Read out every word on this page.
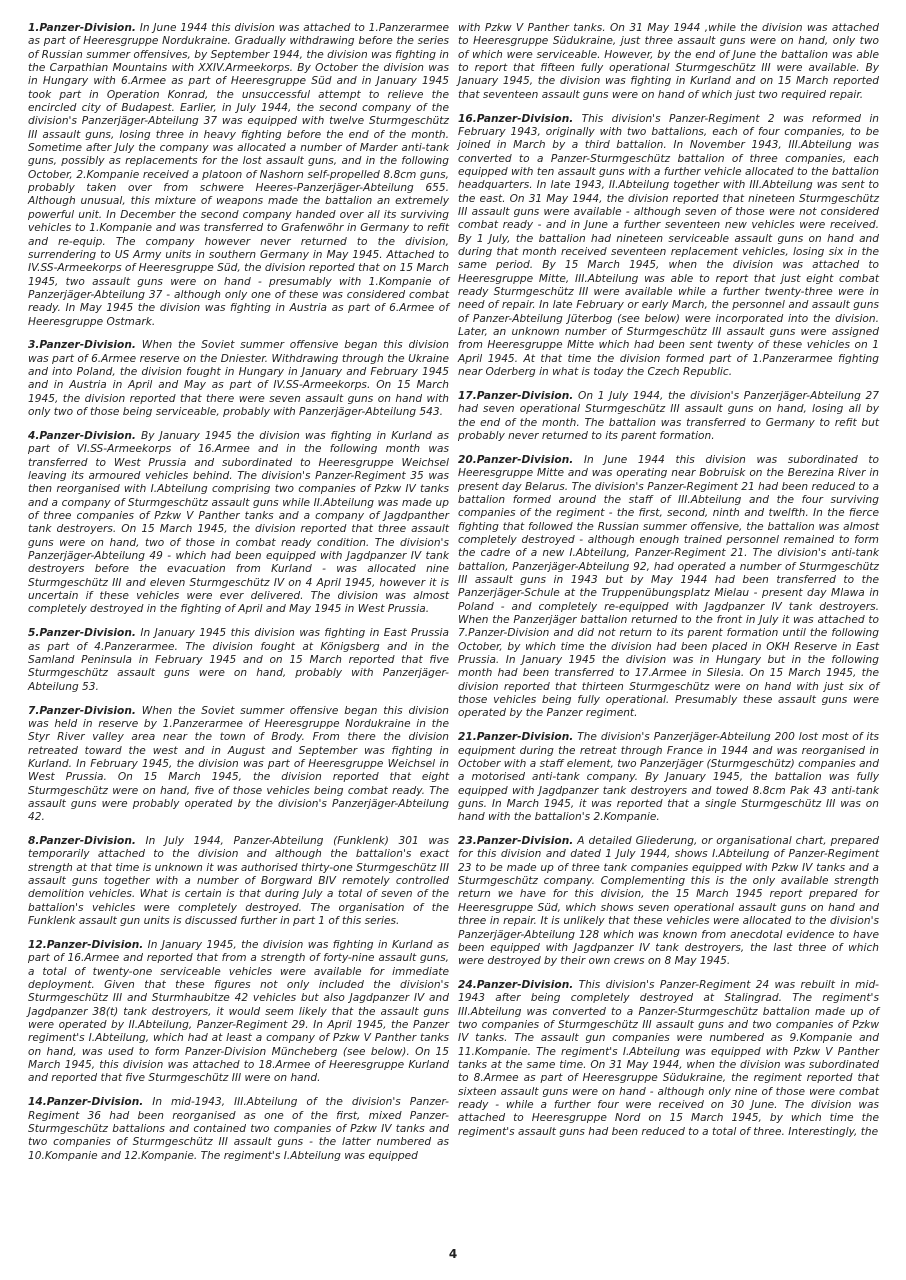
1.Panzer-Division. In June 1944 this division was attached to 1.Panzerarmee as part of Heeresgruppe Nordukraine. Gradually withdrawing before the series of Russian summer offensives, by September 1944, the division was fighting in the Carpathian Mountains with XXIV.Armeekorps. By October the division was in Hungary with 6.Armee as part of Heeresgruppe Süd and in January 1945 took part in Operation Konrad, the unsuccessful attempt to relieve the encircled city of Budapest. Earlier, in July 1944, the second company of the division's Panzerjäger-Abteilung 37 was equipped with twelve Sturmgeschütz III assault guns, losing three in heavy fighting before the end of the month. Sometime after July the company was allocated a number of Marder anti-tank guns, possibly as replacements for the lost assault guns, and in the following October, 2.Kompanie received a platoon of Nashorn self-propelled 8.8cm guns, probably taken over from schwere Heeres-Panzerjäger-Abteilung 655. Although unusual, this mixture of weapons made the battalion an extremely powerful unit. In December the second company handed over all its surviving vehicles to 1.Kompanie and was transferred to Grafenwöhr in Germany to refit and re-equip. The company however never returned to the division, surrendering to US Army units in southern Germany in May 1945. Attached to IV.SS-Armeekorps of Heeresgruppe Süd, the division reported that on 15 March 1945, two assault guns were on hand - presumably with 1.Kompanie of Panzerjäger-Abteilung 37 - although only one of these was considered combat ready. In May 1945 the division was fighting in Austria as part of 6.Armee of Heeresgruppe Ostmark.

3.Panzer-Division. When the Soviet summer offensive began this division was part of 6.Armee reserve on the Dniester. Withdrawing through the Ukraine and into Poland, the division fought in Hungary in January and February 1945 and in Austria in April and May as part of IV.SS-Armeekorps. On 15 March 1945, the division reported that there were seven assault guns on hand with only two of those being serviceable, probably with Panzerjäger-Abteilung 543.

4.Panzer-Division. By January 1945 the division was fighting in Kurland as part of VI.SS-Armeekorps of 16.Armee and in the following month was transferred to West Prussia and subordinated to Heeresgruppe Weichsel leaving its armoured vehicles behind. The division's Panzer-Regiment 35 was then reorganised with I.Abteilung comprising two companies of Pzkw IV tanks and a company of Sturmgeschütz assault guns while II.Abteilung was made up of three companies of Pzkw V Panther tanks and a company of Jagdpanther tank destroyers. On 15 March 1945, the division reported that three assault guns were on hand, two of those in combat ready condition. The division's Panzerjäger-Abteilung 49 - which had been equipped with Jagdpanzer IV tank destroyers before the evacuation from Kurland - was allocated nine Sturmgeschütz III and eleven Sturmgeschütz IV on 4 April 1945, however it is uncertain if these vehicles were ever delivered. The division was almost completely destroyed in the fighting of April and May 1945 in West Prussia.

5.Panzer-Division. In January 1945 this division was fighting in East Prussia as part of 4.Panzerarmee. The division fought at Königsberg and in the Samland Peninsula in February 1945 and on 15 March reported that five Sturmgeschütz assault guns were on hand, probably with Panzerjäger-Abteilung 53.

7.Panzer-Division. When the Soviet summer offensive began this division was held in reserve by 1.Panzerarmee of Heeresgruppe Nordukraine in the Styr River valley area near the town of Brody. From there the division retreated toward the west and in August and September was fighting in Kurland. In February 1945, the division was part of Heeresgruppe Weichsel in West Prussia. On 15 March 1945, the division reported that eight Sturmgeschütz were on hand, five of those vehicles being combat ready. The assault guns were probably operated by the division's Panzerjäger-Abteilung 42.

8.Panzer-Division. In July 1944, Panzer-Abteilung (Funklenk) 301 was temporarily attached to the division and although the battalion's exact strength at that time is unknown it was authorised thirty-one Sturmgeschütz III assault guns together with a number of Borgward BIV remotely controlled demolition vehicles. What is certain is that during July a total of seven of the battalion's vehicles were completely destroyed. The organisation of the Funklenk assault gun units is discussed further in part 1 of this series.

12.Panzer-Division. In January 1945, the division was fighting in Kurland as part of 16.Armee and reported that from a strength of forty-nine assault guns, a total of twenty-one serviceable vehicles were available for immediate deployment. Given that these figures not only included the division's Sturmgeschütz III and Sturmhaubitze 42 vehicles but also Jagdpanzer IV and Jagdpanzer 38(t) tank destroyers, it would seem likely that the assault guns were operated by II.Abteilung, Panzer-Regiment 29. In April 1945, the Panzer regiment's I.Abteilung, which had at least a company of Pzkw V Panther tanks on hand, was used to form Panzer-Division Müncheberg (see below). On 15 March 1945, this division was attached to 18.Armee of Heeresgruppe Kurland and reported that five Sturmgeschütz III were on hand.

14.Panzer-Division. In mid-1943, III.Abteilung of the division's Panzer-Regiment 36 had been reorganised as one of the first, mixed Panzer-Sturmgeschütz battalions and contained two companies of Pzkw IV tanks and two companies of Sturmgeschütz III assault guns - the latter numbered as 10.Kompanie and 12.Kompanie. The regiment's I.Abteilung was equipped

with Pzkw V Panther tanks. On 31 May 1944 ,while the division was attached to Heeresgruppe Südukraine, just three assault guns were on hand, only two of which were serviceable. However, by the end of June the battalion was able to report that fifteen fully operational Sturmgeschütz III were available. By January 1945, the division was fighting in Kurland and on 15 March reported that seventeen assault guns were on hand of which just two required repair.

16.Panzer-Division. This division's Panzer-Regiment 2 was reformed in February 1943, originally with two battalions, each of four companies, to be joined in March by a third battalion. In November 1943, III.Abteilung was converted to a Panzer-Sturmgeschütz battalion of three companies, each equipped with ten assault guns with a further vehicle allocated to the battalion headquarters. In late 1943, II.Abteilung together with III.Abteilung was sent to the east. On 31 May 1944, the division reported that nineteen Sturmgeschütz III assault guns were available - although seven of those were not considered combat ready - and in June a further seventeen new vehicles were received. By 1 July, the battalion had nineteen serviceable assault guns on hand and during that month received seventeen replacement vehicles, losing six in the same period. By 15 March 1945, when the division was attached to Heeresgruppe Mitte, III.Abteilung was able to report that just eight combat ready Sturmgeschütz III were available while a further twenty-three were in need of repair. In late February or early March, the personnel and assault guns of Panzer-Abteilung Jüterbog (see below) were incorporated into the division. Later, an unknown number of Sturmgeschütz III assault guns were assigned from Heeresgruppe Mitte which had been sent twenty of these vehicles on 1 April 1945. At that time the division formed part of 1.Panzerarmee fighting near Oderberg in what is today the Czech Republic.

17.Panzer-Division. On 1 July 1944, the division's Panzerjäger-Abteilung 27 had seven operational Sturmgeschütz III assault guns on hand, losing all by the end of the month. The battalion was transferred to Germany to refit but probably never returned to its parent formation.

20.Panzer-Division. In June 1944 this division was subordinated to Heeresgruppe Mitte and was operating near Bobruisk on the Berezina River in present day Belarus. The division's Panzer-Regiment 21 had been reduced to a battalion formed around the staff of III.Abteilung and the four surviving companies of the regiment - the first, second, ninth and twelfth. In the fierce fighting that followed the Russian summer offensive, the battalion was almost completely destroyed - although enough trained personnel remained to form the cadre of a new I.Abteilung, Panzer-Regiment 21. The division's anti-tank battalion, Panzerjäger-Abteilung 92, had operated a number of Sturmgeschütz III assault guns in 1943 but by May 1944 had been transferred to the Panzerjäger-Schule at the Truppenübungsplatz Mielau - present day Mlawa in Poland - and completely re-equipped with Jagdpanzer IV tank destroyers. When the Panzerjäger battalion returned to the front in July it was attached to 7.Panzer-Division and did not return to its parent formation until the following October, by which time the division had been placed in OKH Reserve in East Prussia. In January 1945 the division was in Hungary but in the following month had been transferred to 17.Armee in Silesia. On 15 March 1945, the division reported that thirteen Sturmgeschütz were on hand with just six of those vehicles being fully operational. Presumably these assault guns were operated by the Panzer regiment.

21.Panzer-Division. The division's Panzerjäger-Abteilung 200 lost most of its equipment during the retreat through France in 1944 and was reorganised in October with a staff element, two Panzerjäger (Sturmgeschütz) companies and a motorised anti-tank company. By January 1945, the battalion was fully equipped with Jagdpanzer tank destroyers and towed 8.8cm Pak 43 anti-tank guns. In March 1945, it was reported that a single Sturmgeschütz III was on hand with the battalion's 2.Kompanie.

23.Panzer-Division. A detailed Gliederung, or organisational chart, prepared for this division and dated 1 July 1944, shows I.Abteilung of Panzer-Regiment 23 to be made up of three tank companies equipped with Pzkw IV tanks and a Sturmgeschütz company. Complementing this is the only available strength return we have for this division, the 15 March 1945 report prepared for Heeresgruppe Süd, which shows seven operational assault guns on hand and three in repair. It is unlikely that these vehicles were allocated to the division's Panzerjäger-Abteilung 128 which was known from anecdotal evidence to have been equipped with Jagdpanzer IV tank destroyers, the last three of which were destroyed by their own crews on 8 May 1945.

24.Panzer-Division. This division's Panzer-Regiment 24 was rebuilt in mid-1943 after being completely destroyed at Stalingrad. The regiment's III.Abteilung was converted to a Panzer-Sturmgeschütz battalion made up of two companies of Sturmgeschütz III assault guns and two companies of Pzkw IV tanks. The assault gun companies were numbered as 9.Kompanie and 11.Kompanie. The regiment's I.Abteilung was equipped with Pzkw V Panther tanks at the same time. On 31 May 1944, when the division was subordinated to 8.Armee as part of Heeresgruppe Südukraine, the regiment reported that sixteen assault guns were on hand - although only nine of those were combat ready - while a further four were received on 30 June. The division was attached to Heeresgruppe Nord on 15 March 1945, by which time the regiment's assault guns had been reduced to a total of three. Interestingly, the

4
